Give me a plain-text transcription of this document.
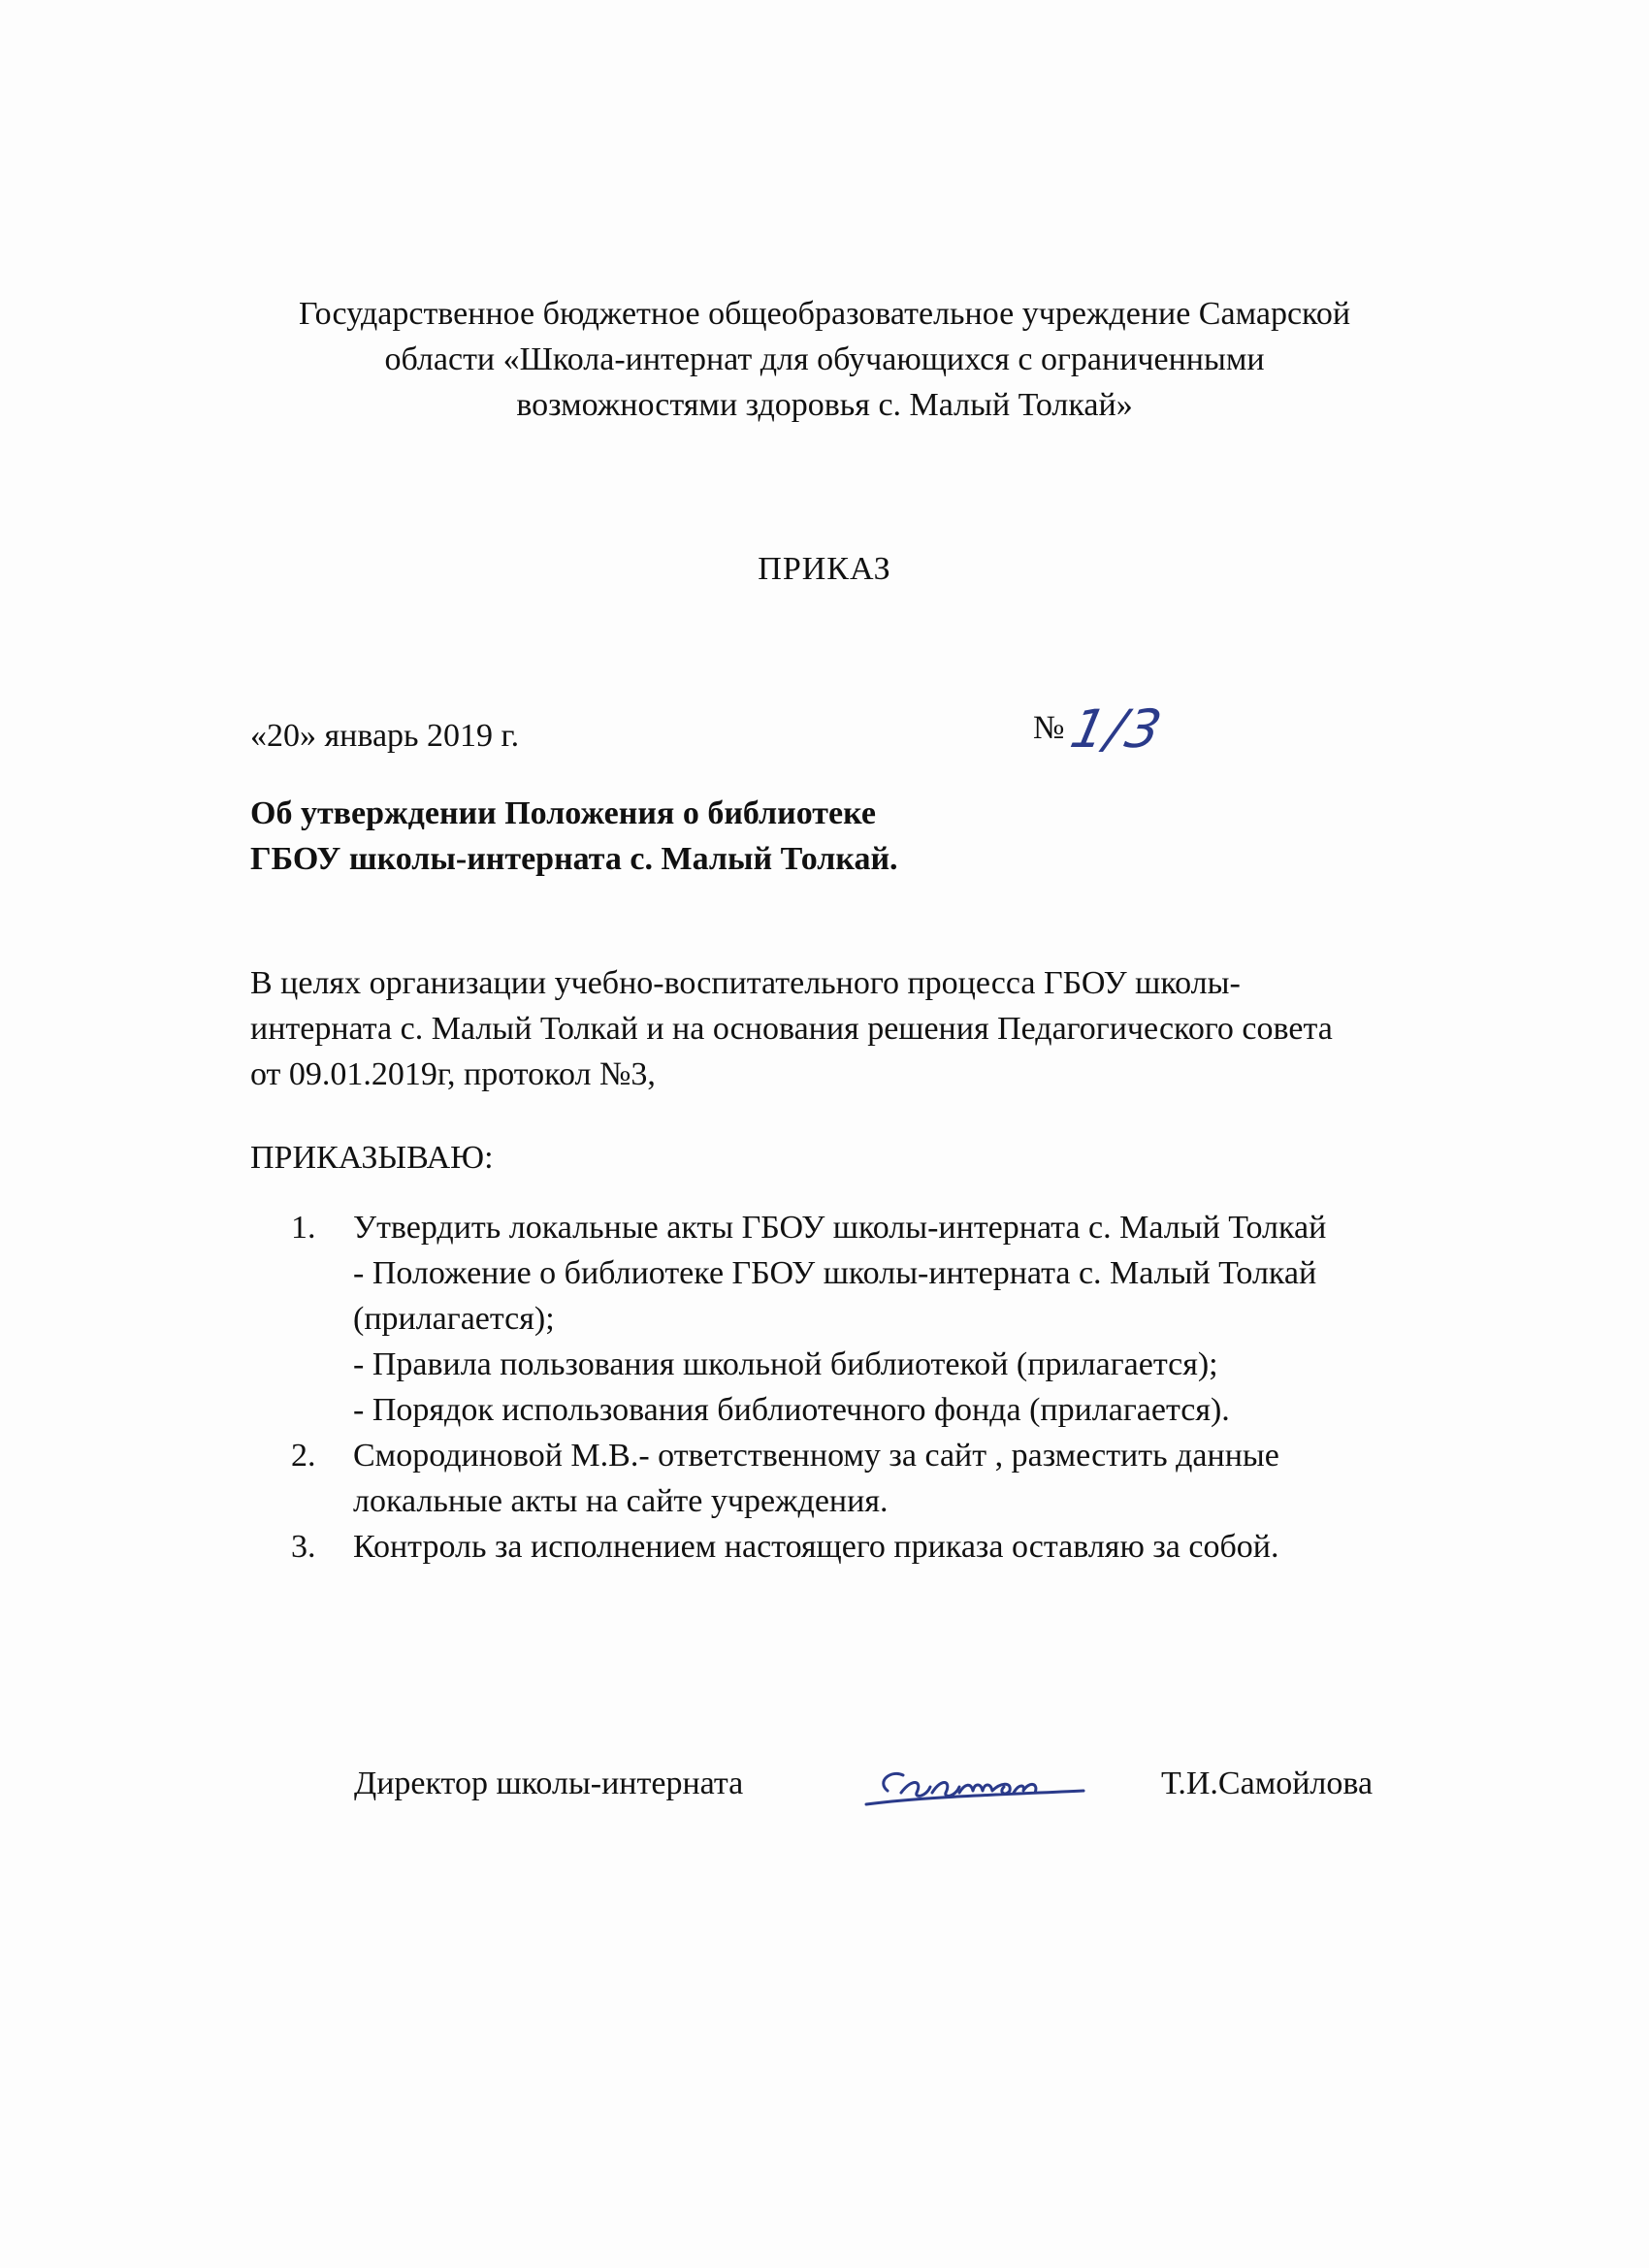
Государственное бюджетное общеобразовательное учреждение Самарской
области «Школа-интернат для обучающихся с ограниченными
возможностями здоровья с. Малый Толкай»
ПРИКАЗ
«20» январь 2019 г.	№ 1/3
Об утверждении Положения о библиотеке
ГБОУ школы-интерната с. Малый Толкай.
В целях организации учебно-воспитательного процесса ГБОУ школы-
интерната с. Малый Толкай и на основания решения Педагогического совета
от 09.01.2019г, протокол №3,
ПРИКАЗЫВАЮ:
1.	Утвердить локальные акты ГБОУ школы-интерната с. Малый Толкай
- Положение о библиотеке ГБОУ школы-интерната с. Малый Толкай
(прилагается);
- Правила пользования школьной библиотекой (прилагается);
- Порядок использования библиотечного фонда (прилагается).
2.	Смородиновой М.В.- ответственному за сайт , разместить данные
локальные акты на сайте учреждения.
3.	Контроль за исполнением настоящего приказа оставляю за собой.
Директор школы-интерната	Т.И.Самойлова
